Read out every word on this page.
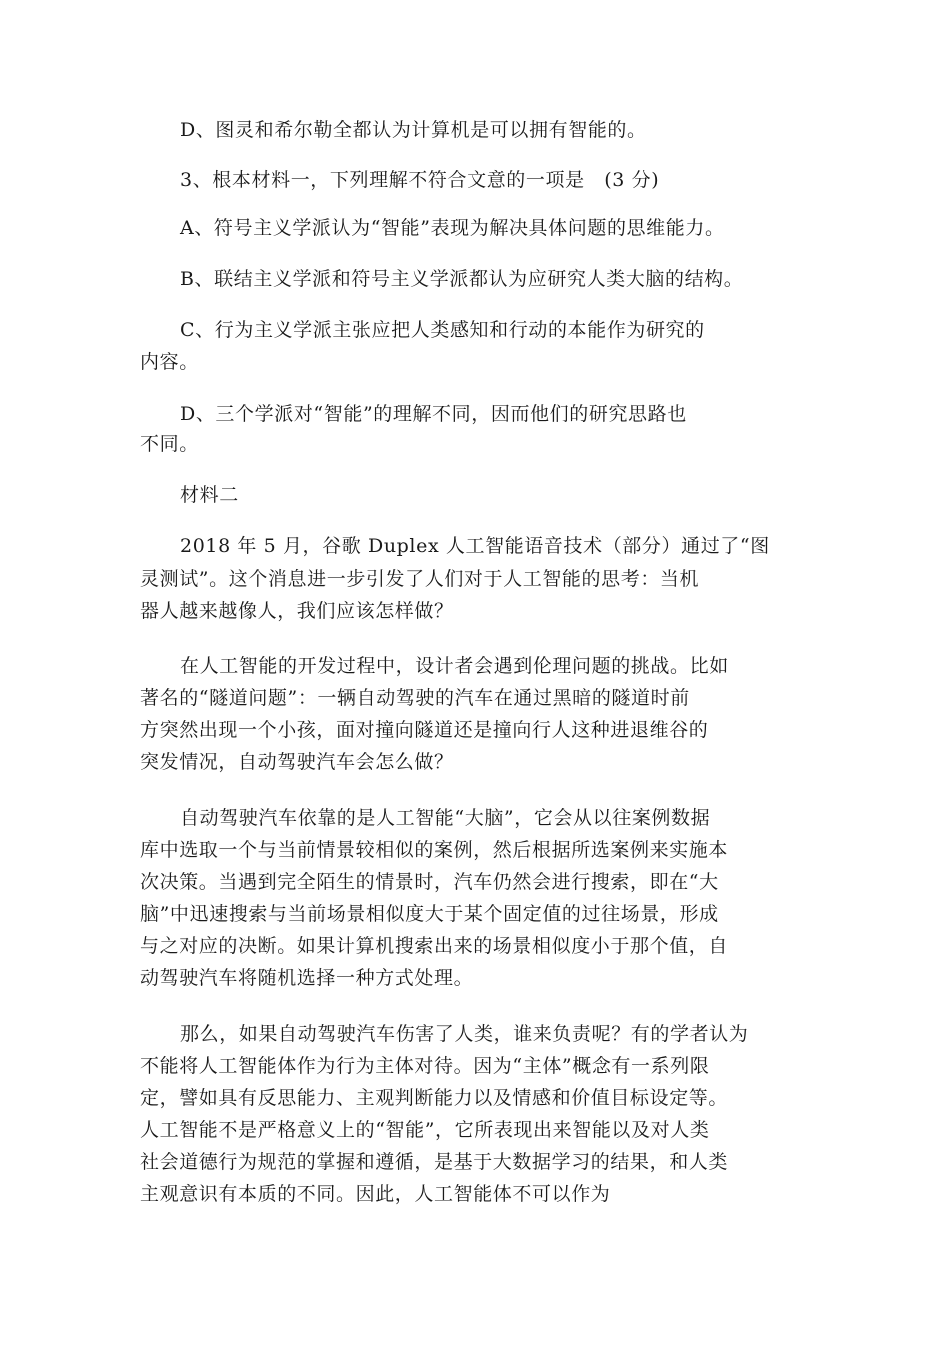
D、图灵和希尔勒全都认为计算机是可以拥有智能的。
3、根本材料一，下列理解不符合文意的一项是　(3 分)
A、符号主义学派认为“智能”表现为解决具体问题的思维能力。
B、联结主义学派和符号主义学派都认为应研究人类大脑的结构。
C、行为主义学派主张应把人类感知和行动的本能作为研究的
内容。
D、三个学派对“智能”的理解不同，因而他们的研究思路也
不同。
材料二
2018 年 5 月，谷歌 Duplex 人工智能语音技术（部分）通过了“图
灵测试”。这个消息进一步引发了人们对于人工智能的思考：当机
器人越来越像人，我们应该怎样做？
在人工智能的开发过程中，设计者会遇到伦理问题的挑战。比如
著名的“隧道问题”：一辆自动驾驶的汽车在通过黑暗的隧道时前
方突然出现一个小孩，面对撞向隧道还是撞向行人这种进退维谷的
突发情况，自动驾驶汽车会怎么做？
自动驾驶汽车依靠的是人工智能“大脑”，它会从以往案例数据
库中选取一个与当前情景较相似的案例，然后根据所选案例来实施本
次决策。当遇到完全陌生的情景时，汽车仍然会进行搜索，即在“大
脑”中迅速搜索与当前场景相似度大于某个固定值的过往场景，形成
与之对应的决断。如果计算机搜索出来的场景相似度小于那个值，自
动驾驶汽车将随机选择一种方式处理。
那么，如果自动驾驶汽车伤害了人类，谁来负责呢？有的学者认为
不能将人工智能体作为行为主体对待。因为“主体”概念有一系列限
定，譬如具有反思能力、主观判断能力以及情感和价值目标设定等。
人工智能不是严格意义上的“智能”，它所表现出来智能以及对人类
社会道德行为规范的掌握和遵循，是基于大数据学习的结果，和人类
主观意识有本质的不同。因此，人工智能体不可以作为
